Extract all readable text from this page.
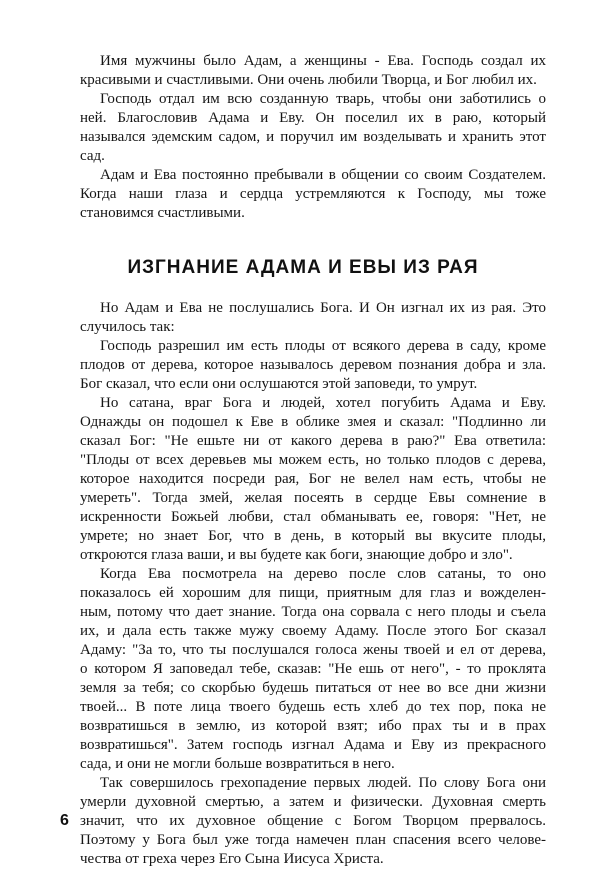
Имя мужчины было Адам, а женщины - Ева. Господь создал их
красивыми и счастливыми. Они очень любили Творца, и Бог любил их.
Господь отдал им всю созданную тварь, чтобы они заботились о
ней. Благословив Адама и Еву. Он поселил их в раю, который
назывался эдемским садом, и поручил им возделывать и хранить этот
сад.
Адам и Ева постоянно пребывали в общении со своим Создателем.
Когда наши глаза и сердца устремляются к Господу, мы тоже
становимся счастливыми.
ИЗГНАНИЕ АДАМА И ЕВЫ ИЗ РАЯ
Но Адам и Ева не послушались Бога. И Он изгнал их из рая. Это
случилось так:
Господь разрешил им есть плоды от всякого дерева в саду, кроме
плодов от дерева, которое называлось деревом познания добра и зла.
Бог сказал, что если они ослушаются этой заповеди, то умрут.
Но сатана, враг Бога и людей, хотел погубить Адама и Еву.
Однажды он подошел к Еве в облике змея и сказал: "Подлинно ли
сказал Бог: "Не ешьте ни от какого дерева в раю?" Ева ответила:
"Плоды от всех деревьев мы можем есть, но только плодов с дерева,
которое находится посреди рая, Бог не велел нам есть, чтобы не
умереть". Тогда змей, желая посеять в сердце Евы сомнение в
искренности Божьей любви, стал обманывать ее, говоря: "Нет, не
умрете; но знает Бог, что в день, в который вы вкусите плоды,
откроются глаза ваши, и вы будете как боги, знающие добро и зло".
Когда Ева посмотрела на дерево после слов сатаны, то оно
показалось ей хорошим для пищи, приятным для глаз и вожделен-
ным, потому что дает знание. Тогда она сорвала с него плоды и съела
их, и дала есть также мужу своему Адаму. После этого Бог сказал
Адаму: "За то, что ты послушался голоса жены твоей и ел от дерева,
о котором Я заповедал тебе, сказав: "Не ешь от него", - то проклята
земля за тебя; со скорбью будешь питаться от нее во все дни жизни
твоей... В поте лица твоего будешь есть хлеб до тех пор, пока не
возвратишься в землю, из которой взят; ибо прах ты и в прах
возвратишься". Затем господь изгнал Адама и Еву из прекрасного
сада, и они не могли больше возвратиться в него.
Так совершилось грехопадение первых людей. По слову Бога они
умерли духовной смертью, а затем и физически. Духовная смерть
значит, что их духовное общение с Богом Творцом прервалось.
Поэтому у Бога был уже тогда намечен план спасения всего челове-
чества от греха через Его Сына Иисуса Христа.
6
